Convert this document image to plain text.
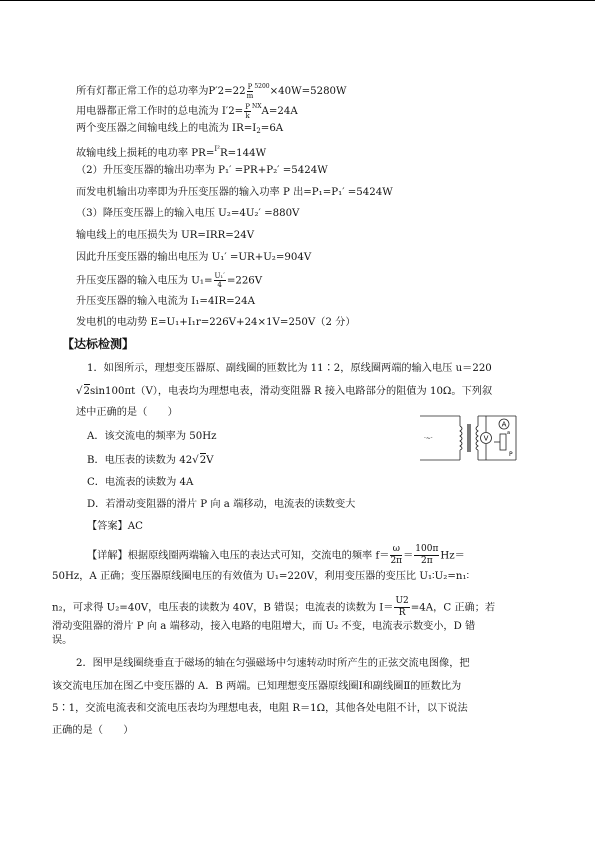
所有灯都正常工作的总功率为$P'2=22 \frac{P}{m} ^{5200}\times 40W=5280W$
用电器都正常工作时的总电流为 $I'2= \frac{P}{k} ^{NX}A=24A$
两个变压器之间输电线上的电流为 $IR=I_2=6A$
故输电线上损耗的电功率 PR=$^{I^2}$R=144W
（2）升压变压器的输出功率为 P₁′ =PR+P₂′ =5424W
而发电机输出功率即为升压变压器的输入功率 P 出=P₁=P₁′ =5424W
（3）降压变压器上的输入电压 U₂=4U₂′ =880V
输电线上的电压损失为 UR=IRR=24V
因此升压变压器的输出电压为 U₁′ =UR+U₂=904V
升压变压器的输入电压为 $U_1= \frac{\text{U₁′}}{4} =226V$
升压变压器的输入电流为 I₁=4IR=24A
发电机的电动势 E=U₁+I₁r=226V+24×1V=250V（2 分）
【达标检测】
1．如图所示，理想变压器原、副线圈的匝数比为 11∶2，原线圈两端的输入电压 u＝220
√2sin100πt（V），电表均为理想电表，滑动变阻器 R 接入电路部分的阻值为 10Ω。下列叙
述中正确的是（　　）
A．该交流电的频率为 50Hz
B．电压表的读数为 42√2V
C．电流表的读数为 4A
D．若滑动变阻器的滑片 P 向 a 端移动，电流表的读数变大
【答案】AC
【详解】根据原线圈两端输入电压的表达式可知，交流电的频率 $f= \frac{\omega}{2\pi} = \frac{100\pi}{2\pi} Hz=$
50Hz，A 正确；变压器原线圈电压的有效值为 U₁=220V，利用变压器的变压比 U₁∶U₂=n₁∶
n₂，可求得 U₂=40V，电压表的读数为 40V，B 错误；电流表的读数为 $I= \frac{U2}{R} =4A$，C 正确；若
滑动变阻器的滑片 P 向 a 端移动，接入电路的电阻增大，而 U₂ 不变，电流表示数变小，D 错
误。
2．图甲是线圈绕垂直于磁场的轴在匀强磁场中匀速转动时所产生的正弦交流电图像，把
该交流电压加在图乙中变压器的 A．B 两端。已知理想变压器原线圈Ⅰ和副线圈Ⅱ的匝数比为
5∶1，交流电流表和交流电压表均为理想电表，电阻 R＝1Ω，其他各处电阻不计，以下说法
正确的是（　　）
V
A
P
a
·~·
